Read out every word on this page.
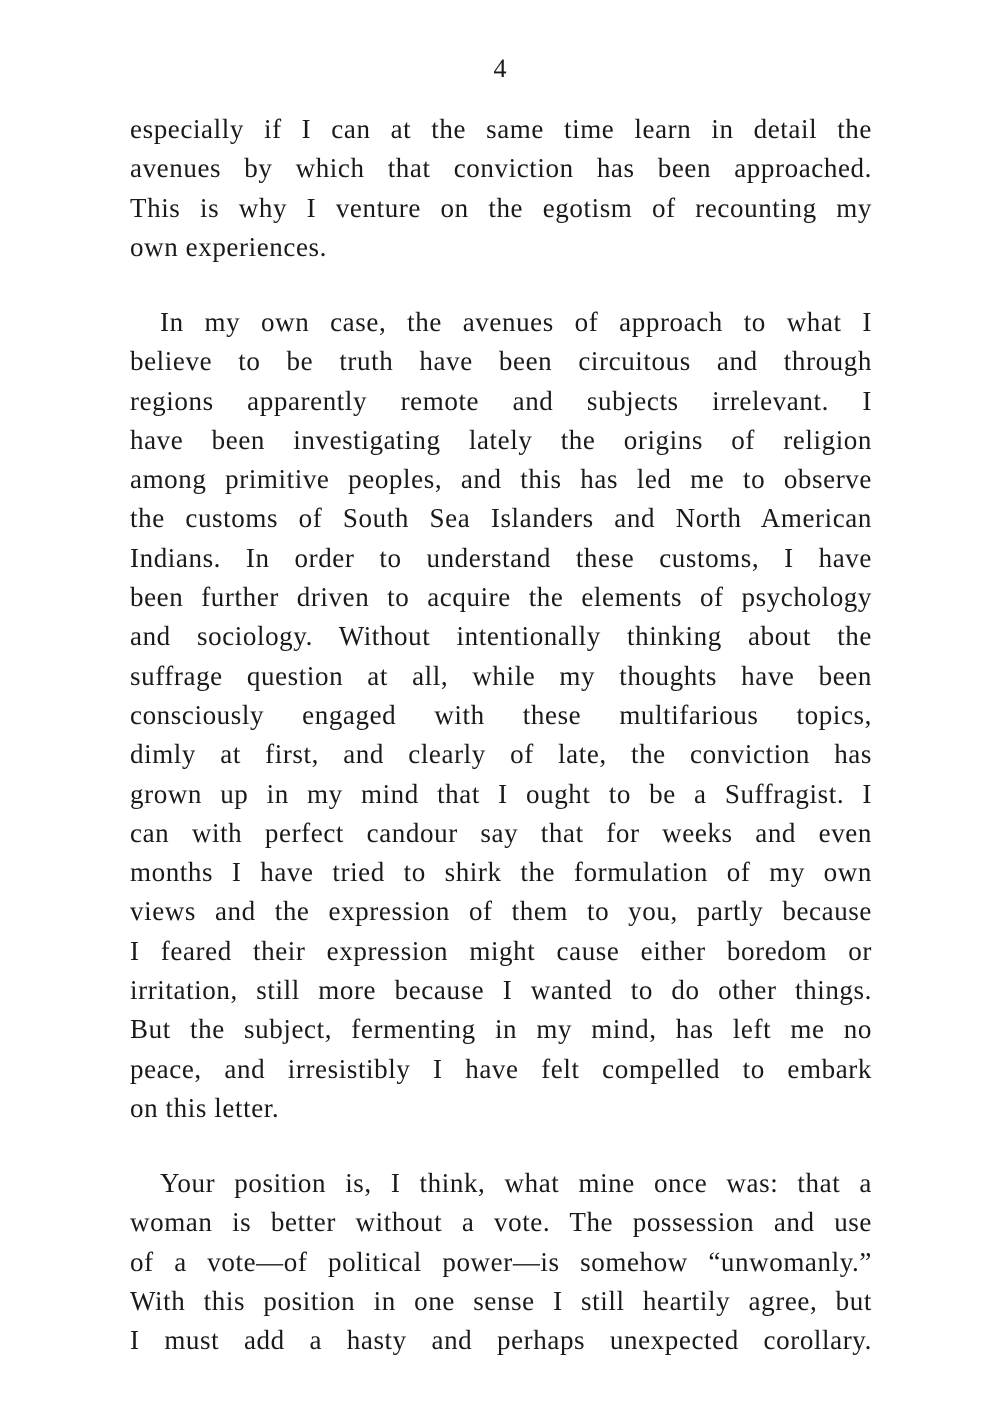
4
especially if I can at the same time learn in detail the
avenues by which that conviction has been approached.
This is why I venture on the egotism of recounting my
own experiences.
In my own case, the avenues of approach to what I
believe to be truth have been circuitous and through
regions apparently remote and subjects irrelevant. I
have been investigating lately the origins of religion
among primitive peoples, and this has led me to observe
the customs of South Sea Islanders and North American
Indians. In order to understand these customs, I have
been further driven to acquire the elements of psychology
and sociology. Without intentionally thinking about the
suffrage question at all, while my thoughts have been
consciously engaged with these multifarious topics,
dimly at first, and clearly of late, the conviction has
grown up in my mind that I ought to be a Suffragist. I
can with perfect candour say that for weeks and even
months I have tried to shirk the formulation of my own
views and the expression of them to you, partly because
I feared their expression might cause either boredom or
irritation, still more because I wanted to do other things.
But the subject, fermenting in my mind, has left me no
peace, and irresistibly I have felt compelled to embark
on this letter.
Your position is, I think, what mine once was: that a
woman is better without a vote. The possession and use
of a vote—of political power—is somehow “unwomanly.”
With this position in one sense I still heartily agree, but
I must add a hasty and perhaps unexpected corollary.
